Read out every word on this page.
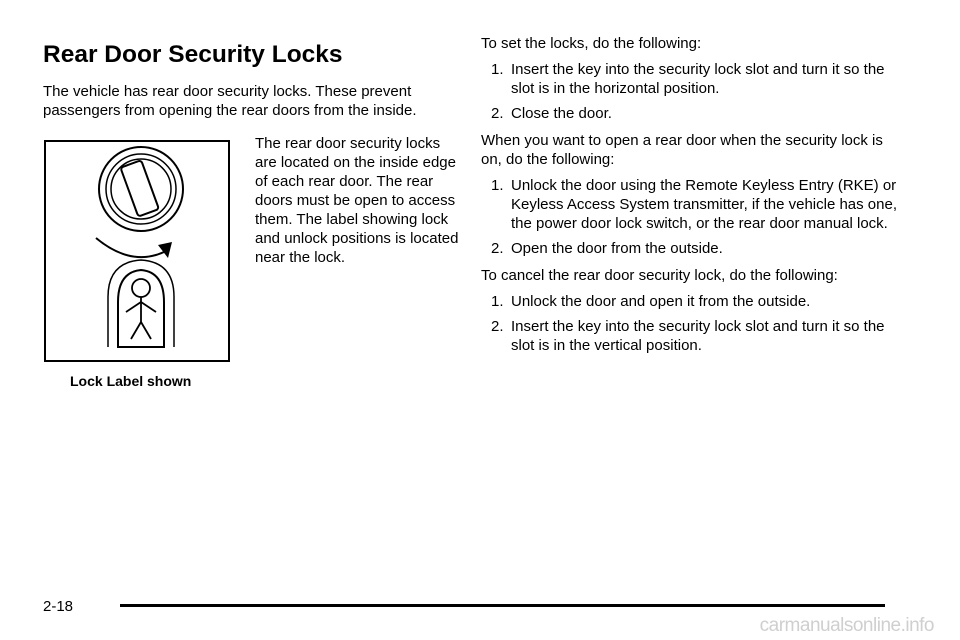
Rear Door Security Locks

The vehicle has rear door security locks. These prevent passengers from opening the rear doors from the inside.

Lock Label shown

The rear door security locks are located on the inside edge of each rear door. The rear doors must be open to access them. The label showing lock and unlock positions is located near the lock.

To set the locks, do the following:

1. Insert the key into the security lock slot and turn it so the slot is in the horizontal position.
2. Close the door.

When you want to open a rear door when the security lock is on, do the following:

1. Unlock the door using the Remote Keyless Entry (RKE) or Keyless Access System transmitter, if the vehicle has one, the power door lock switch, or the rear door manual lock.
2. Open the door from the outside.

To cancel the rear door security lock, do the following:

1. Unlock the door and open it from the outside.
2. Insert the key into the security lock slot and turn it so the slot is in the vertical position.

2-18

carmanualsonline.info
